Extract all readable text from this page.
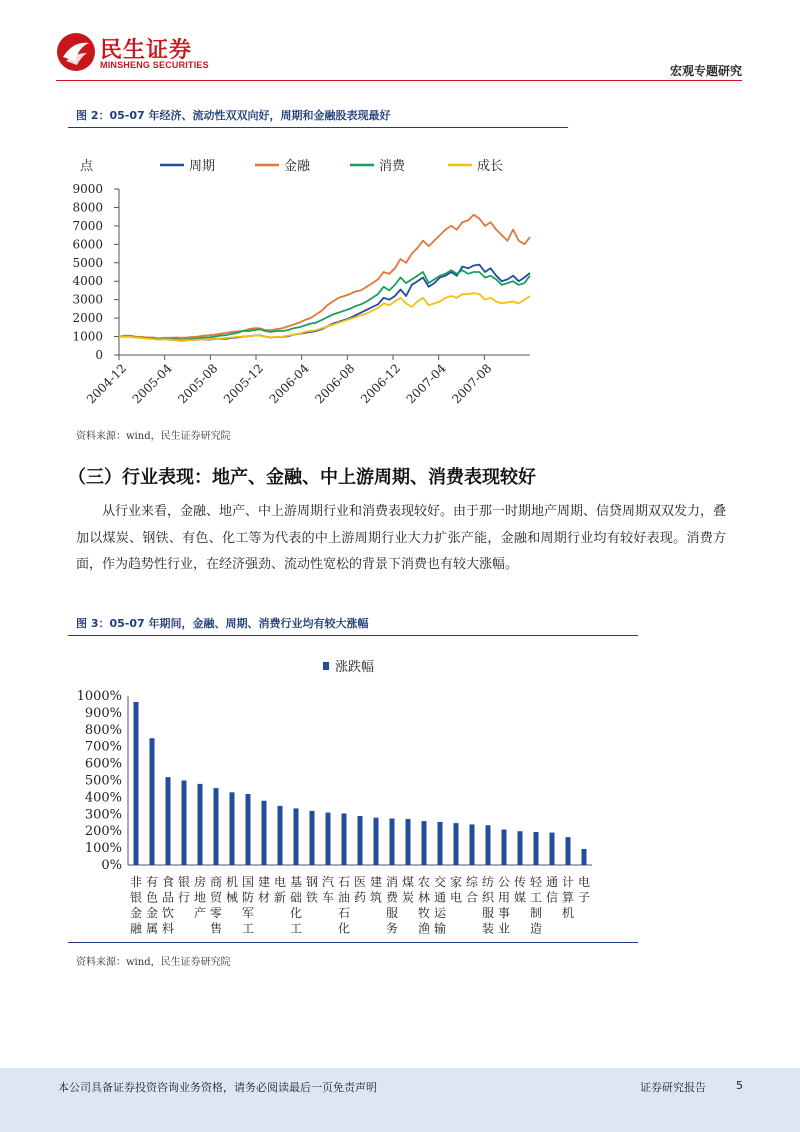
民生证券
MINSHENG SECURITIES	宏观专题研究
图 2：05-07 年经济、流动性双双向好，周期和金融股表现最好
周期	金融	消费	成长
点
0
1000
2000
3000
4000
5000
6000
7000
8000
9000
2004-12 2005-04 2005-08 2005-12 2006-04 2006-08 2006-12 2007-04 2007-08
资料来源：wind，民生证券研究院
（三）行业表现：地产、金融、中上游周期、消费表现较好
从行业来看，金融、地产、中上游周期行业和消费表现较好。由于那一时期地产周期、信贷周期双双发力，叠加以煤炭、钢铁、有色、化工等为代表的中上游周期行业大力扩张产能，金融和周期行业均有较好表现。消费方面，作为趋势性行业，在经济强劲、流动性宽松的背景下消费也有较大涨幅。
图 3：05-07 年期间，金融、周期、消费行业均有较大涨幅
涨跌幅
0%
100%
200%
300%
400%
500%
600%
700%
800%
900%
1000%
非银金融
有色金属
食品饮料
银行
房地产
商贸零售
机械
国防军工
建材
电新
基础化工
钢铁
汽车
石油石化
医药
建筑
消费服务
煤炭
农林牧渔
交通运输
家电
综合
纺织服装
公用事业
传媒
轻工制造
通信
计算机
电子
资料来源：wind，民生证券研究院
本公司具备证券投资咨询业务资格，请务必阅读最后一页免责声明	证券研究报告	5
